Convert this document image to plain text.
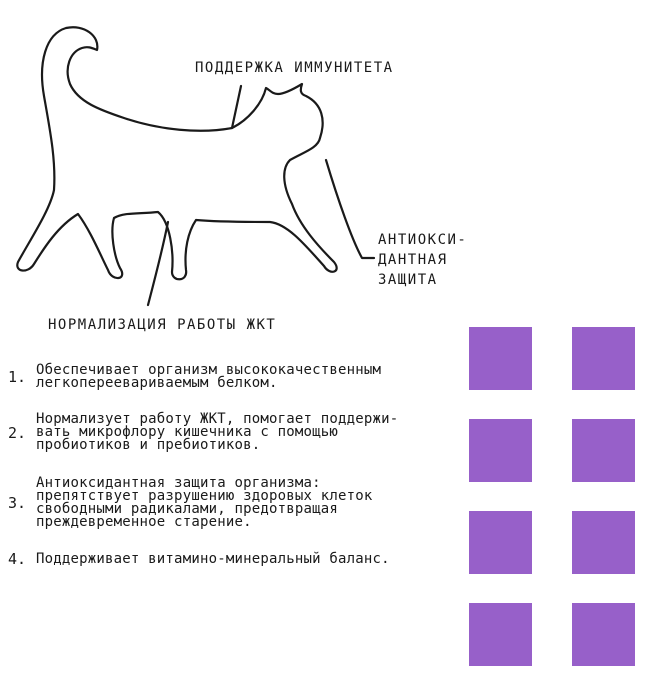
ПОДДЕРЖКА ИММУНИТЕТА
АНТИОКСИ-
ДАНТНАЯ
ЗАЩИТА
НОРМАЛИЗАЦИЯ РАБОТЫ ЖКТ
1. Обеспечивает организм высококачественным
легкопереевариваемым белком.
2.
Нормализует работу ЖКТ, помогает поддержи-
вать микрофлору кишечника с помощью
пробиотиков и пребиотиков.
3.
Антиоксидантная защита организма:
препятствует разрушению здоровых клеток
свободными радикалами, предотвращая
преждевременное старение.
4. Поддерживает витамино-минеральный баланс.
